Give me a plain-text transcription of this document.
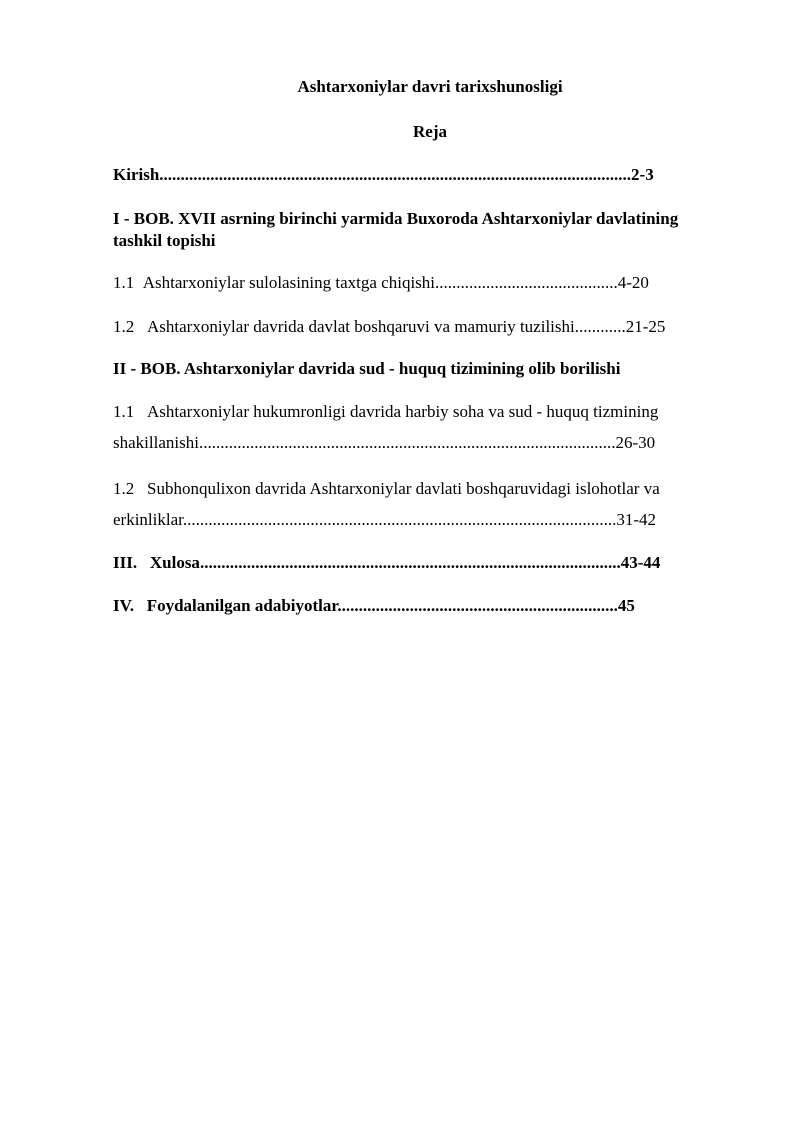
Ashtarxoniylar davri tarixshunosligi
Reja
Kirish...............................................................................................................2-3
I - BOB. XVII asrning birinchi yarmida Buxoroda Ashtarxoniylar davlatining
tashkil topishi
1.1 Ashtarxoniylar sulolasining taxtga chiqishi...........................................4-20
1.2 Ashtarxoniylar davrida davlat boshqaruvi va mamuriy tuzilishi............21-25
II - BOB. Ashtarxoniylar davrida sud - huquq tizimining olib borilishi
1.1 Ashtarxoniylar hukumronligi davrida harbiy soha va sud - huquq tizmining
shakillanishi..................................................................................................26-30
1.2 Subhonqulixon davrida Ashtarxoniylar davlati boshqaruvidagi islohotlar va
erkinliklar......................................................................................................31-42
III. Xulosa...................................................................................................43-44
IV. Foydalanilgan adabiyotlar..................................................................45
